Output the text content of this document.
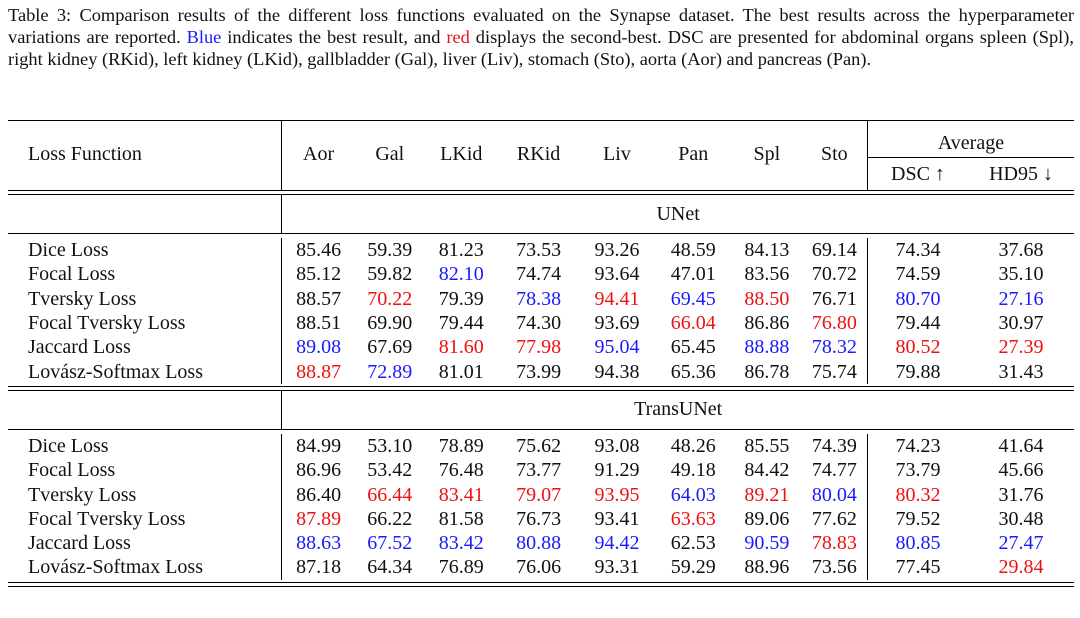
Table 3: Comparison results of the different loss functions evaluated on the Synapse dataset. The best results across the hyperparameter variations are reported. Blue indicates the best result, and red displays the second-best. DSC are presented for abdominal organs spleen (Spl), right kidney (RKid), left kidney (LKid), gallbladder (Gal), liver (Liv), stomach (Sto), aorta (Aor) and pancreas (Pan).
Loss Function	Aor	Gal	LKid	RKid	Liv	Pan	Spl	Sto	Average	
									DSC ↑	HD95 ↓

	UNet									

Dice Loss	85.46	59.39	81.23	73.53	93.26	48.59	84.13	69.14	74.34	37.68
Focal Loss	85.12	59.82	82.10	74.74	93.64	47.01	83.56	70.72	74.59	35.10
Tversky Loss	88.57	70.22	79.39	78.38	94.41	69.45	88.50	76.71	80.70	27.16
Focal Tversky Loss	88.51	69.90	79.44	74.30	93.69	66.04	86.86	76.80	79.44	30.97
Jaccard Loss	89.08	67.69	81.60	77.98	95.04	65.45	88.88	78.32	80.52	27.39
Lovász-Softmax Loss	88.87	72.89	81.01	73.99	94.38	65.36	86.78	75.74	79.88	31.43

	TransUNet									

Dice Loss	84.99	53.10	78.89	75.62	93.08	48.26	85.55	74.39	74.23	41.64
Focal Loss	86.96	53.42	76.48	73.77	91.29	49.18	84.42	74.77	73.79	45.66
Tversky Loss	86.40	66.44	83.41	79.07	93.95	64.03	89.21	80.04	80.32	31.76
Focal Tversky Loss	87.89	66.22	81.58	76.73	93.41	63.63	89.06	77.62	79.52	30.48
Jaccard Loss	88.63	67.52	83.42	80.88	94.42	62.53	90.59	78.83	80.85	27.47
Lovász-Softmax Loss	87.18	64.34	76.89	76.06	93.31	59.29	88.96	73.56	77.45	29.84
